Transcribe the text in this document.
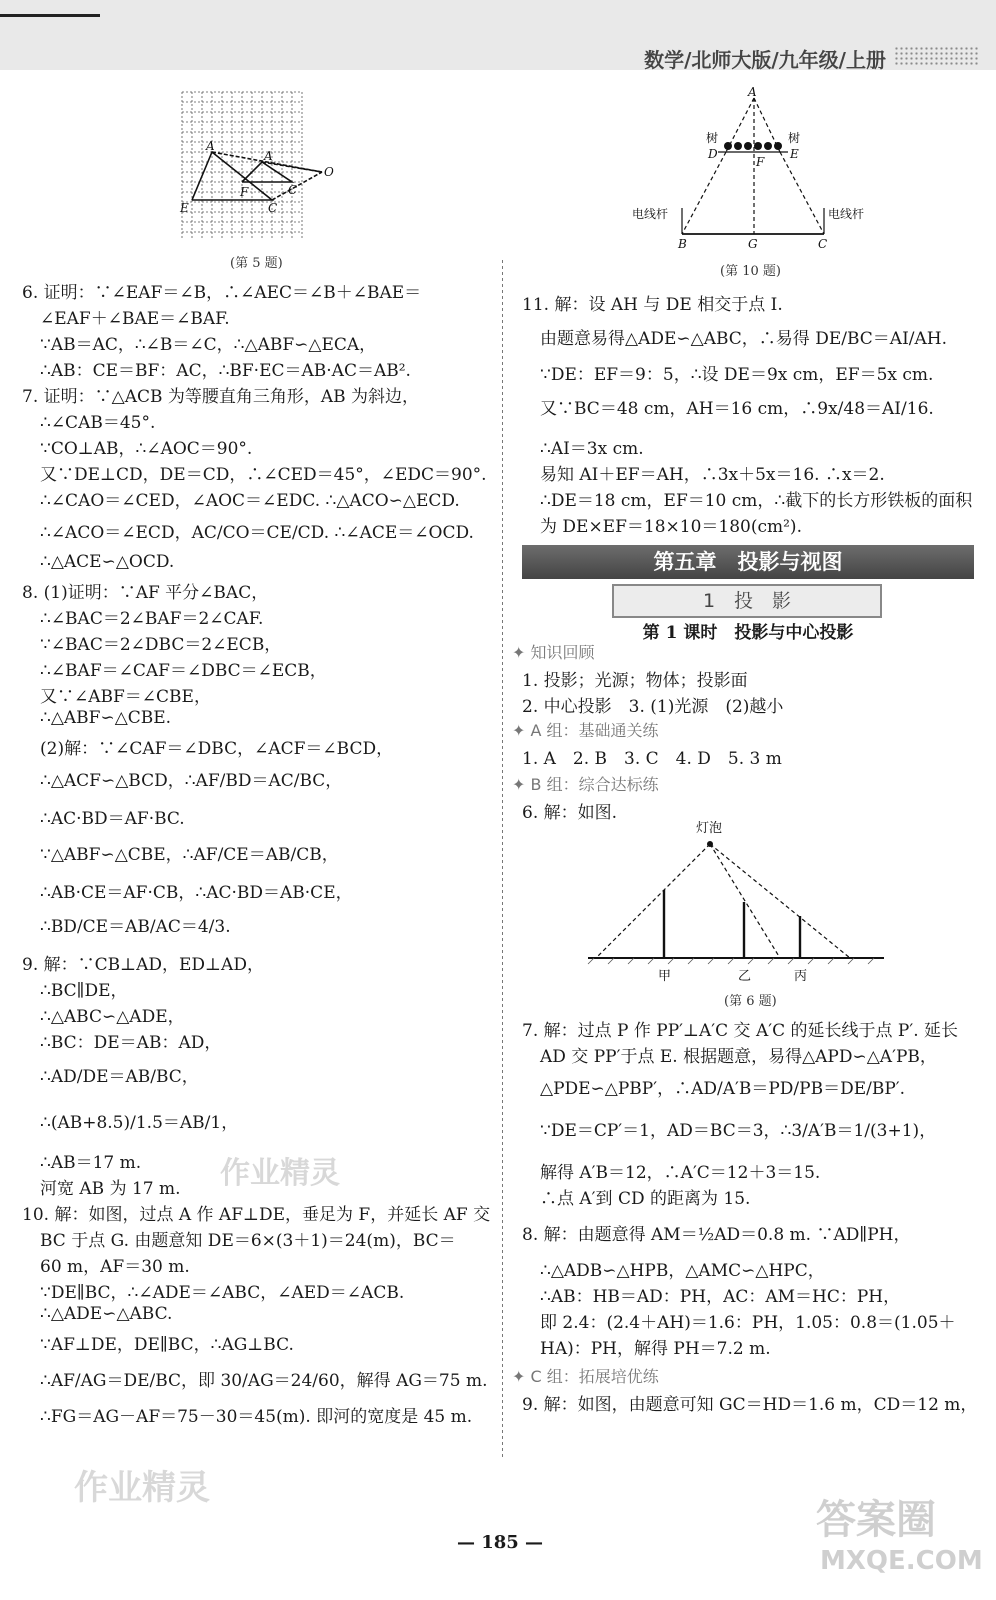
数学/北师大版/九年级/上册
A
A
F
E	C
C
O
(第 5 题)
A
树	树
D
F
E
电线杆	电线杆
B	G	C
(第 10 题)
6. 证明：∵∠EAF＝∠B，∴∠AEC＝∠B＋∠BAE＝
∠EAF＋∠BAE＝∠BAF.
∵AB＝AC，∴∠B＝∠C，∴△ABF∽△ECA，
∴AB：CE＝BF：AC，∴BF·EC＝AB·AC＝AB².
7. 证明：∵△ACB 为等腰直角三角形，AB 为斜边，
∴∠CAB＝45°.
∵CO⊥AB，∴∠AOC＝90°.
又∵DE⊥CD，DE＝CD，∴∠CED＝45°，∠EDC＝90°.
∴∠CAO＝∠CED，∠AOC＝∠EDC. ∴△ACO∽△ECD.
∴∠ACO＝∠ECD，AC/CO＝CE/CD. ∴∠ACE＝∠OCD.
∴△ACE∽△OCD.
8. (1)证明：∵AF 平分∠BAC，
∴∠BAC＝2∠BAF＝2∠CAF.
∵∠BAC＝2∠DBC＝2∠ECB，
∴∠BAF＝∠CAF＝∠DBC＝∠ECB，
又∵∠ABF＝∠CBE，
∴△ABF∽△CBE.
(2)解：∵∠CAF＝∠DBC，∠ACF＝∠BCD，
∴△ACF∽△BCD，∴AF/BD＝AC/BC，
∴AC·BD＝AF·BC.
∵△ABF∽△CBE，∴AF/CE＝AB/CB，
∴AB·CE＝AF·CB，∴AC·BD＝AB·CE，
∴BD/CE＝AB/AC＝4/3.
9. 解：∵CB⊥AD，ED⊥AD，
∴BC∥DE，
∴△ABC∽△ADE，
∴BC：DE＝AB：AD，
∴AD/DE＝AB/BC，
∴(AB+8.5)/1.5＝AB/1，
∴AB＝17 m.
河宽 AB 为 17 m.
10. 解：如图，过点 A 作 AF⊥DE，垂足为 F，并延长 AF 交
BC 于点 G. 由题意知 DE＝6×(3＋1)＝24(m)，BC＝
60 m，AF＝30 m.
∵DE∥BC，∴∠ADE＝∠ABC，∠AED＝∠ACB.
∴△ADE∽△ABC.
∵AF⊥DE，DE∥BC，∴AG⊥BC.
∴AF/AG＝DE/BC，即 30/AG＝24/60，解得 AG＝75 m.
∴FG＝AG－AF＝75－30＝45(m). 即河的宽度是 45 m.
11. 解：设 AH 与 DE 相交于点 I.
由题意易得△ADE∽△ABC，∴易得 DE/BC＝AI/AH.
∵DE：EF＝9：5，∴设 DE＝9x cm，EF＝5x cm.
又∵BC＝48 cm，AH＝16 cm，∴9x/48＝AI/16.
∴AI＝3x cm.
易知 AI＋EF＝AH，∴3x＋5x＝16. ∴x＝2.
∴DE＝18 cm，EF＝10 cm，∴截下的长方形铁板的面积
为 DE×EF＝18×10＝180(cm²).
第五章　投影与视图
1　投　影
第 1 课时　投影与中心投影
✦ 知识回顾
1. 投影；光源；物体；投影面
2. 中心投影　3. (1)光源　(2)越小
✦ A 组：基础通关练
1. A　2. B　3. C　4. D　5. 3 m
✦ B 组：综合达标练
6. 解：如图.
灯泡
甲	乙	丙
(第 6 题)
7. 解：过点 P 作 PP′⊥A′C 交 A′C 的延长线于点 P′. 延长
AD 交 PP′于点 E. 根据题意，易得△APD∽△A′PB，
△PDE∽△PBP′，∴AD/A′B＝PD/PB＝DE/BP′.
∵DE＝CP′＝1，AD＝BC＝3，∴3/A′B＝1/(3+1)，
解得 A′B＝12，∴A′C＝12＋3＝15.
∴点 A′到 CD 的距离为 15.
8. 解：由题意得 AM＝½AD＝0.8 m. ∵AD∥PH，
∴△ADB∽△HPB，△AMC∽△HPC，
∴AB：HB＝AD：PH，AC：AM＝HC：PH，
即 2.4：(2.4＋AH)＝1.6：PH，1.05：0.8＝(1.05＋
HA)：PH，解得 PH＝7.2 m.
✦ C 组：拓展培优练
9. 解：如图，由题意可知 GC＝HD＝1.6 m，CD＝12 m，
作业精灵
作业精灵
答案圈
MXQE.COM
— 185 —
